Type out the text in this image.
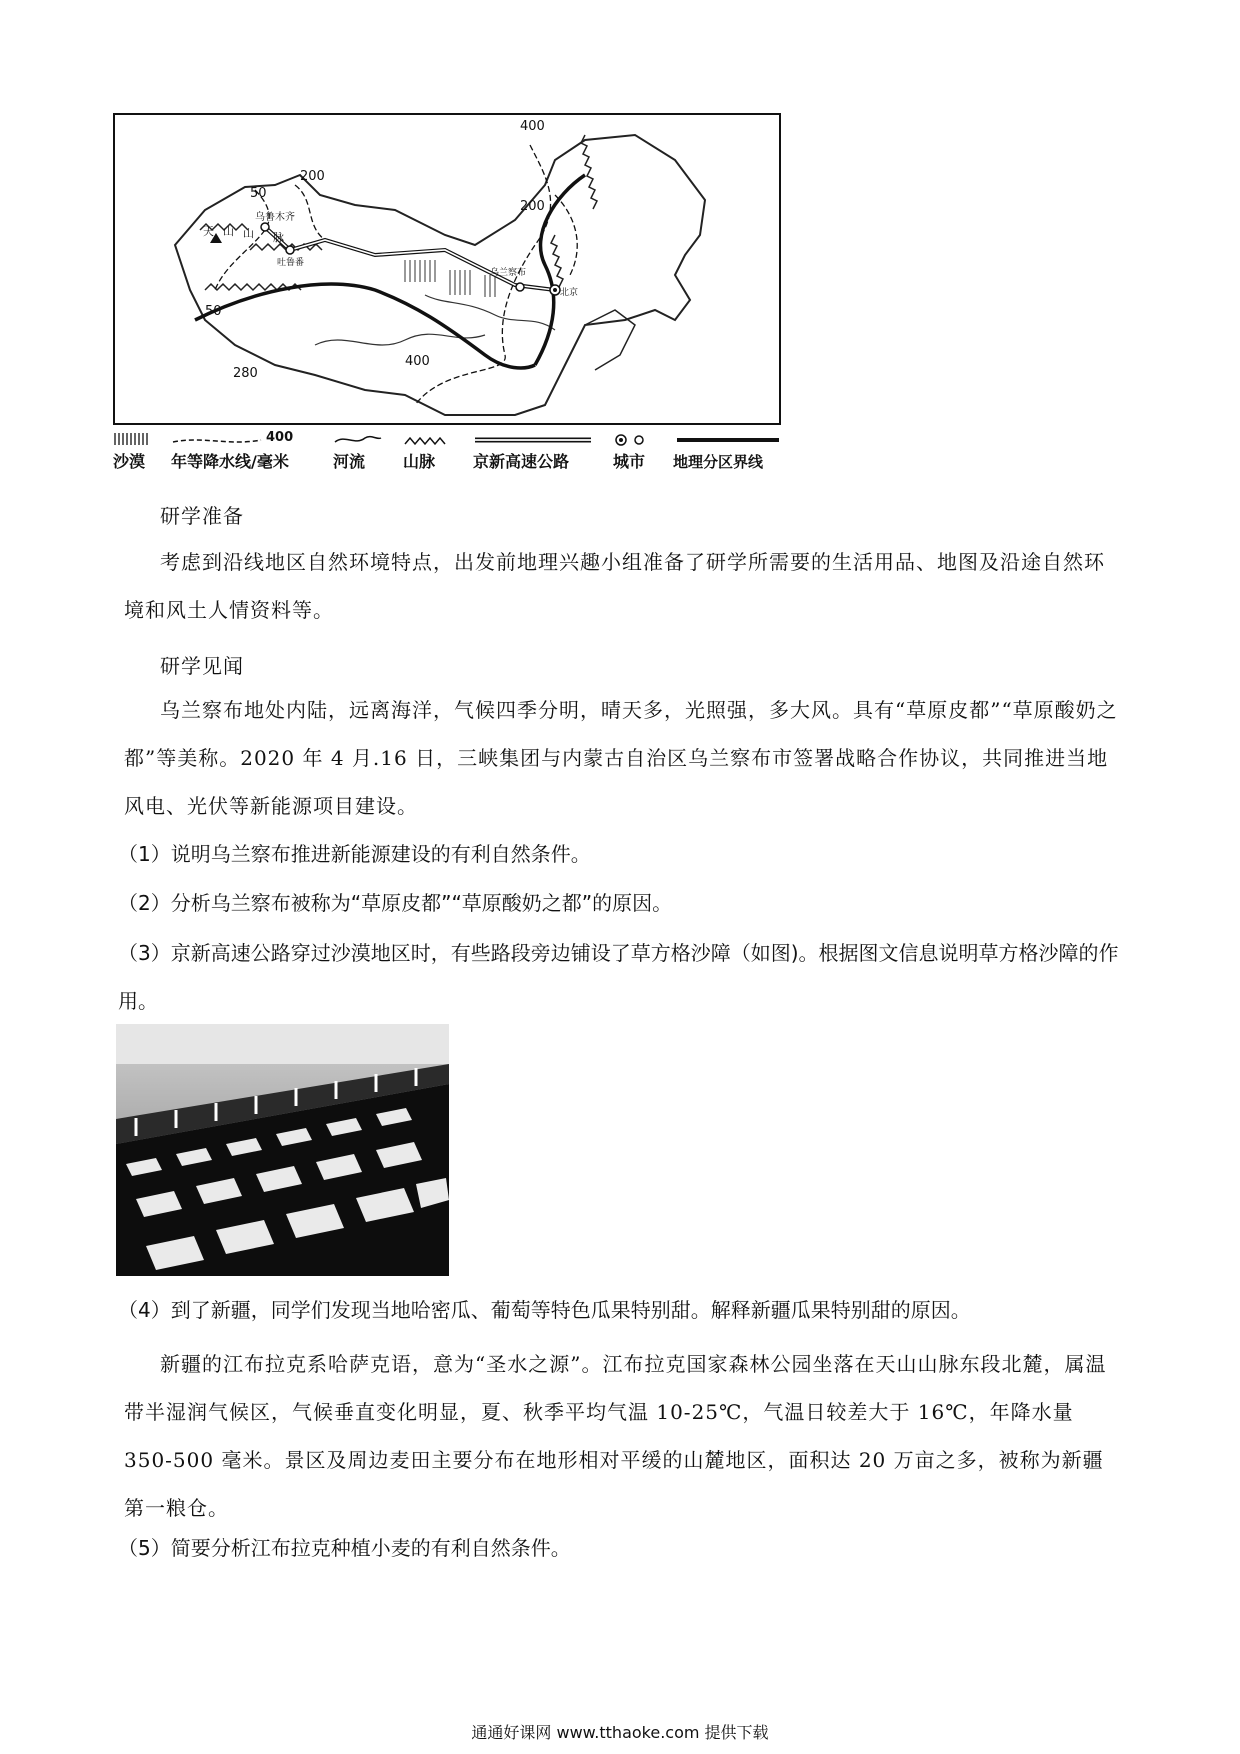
400
200
50
200
50
400
280
乌鲁木齐
吐鲁番
乌兰察布
北京
天 山 山 脉
沙漠
400
年等降水线/毫米	河流 山脉 京新高速公路	城市 地理分区界线
研学准备

考虑到沿线地区自然环境特点，出发前地理兴趣小组准备了研学所需要的生活用品、地图及沿途自然环境和风土人情资料等。

研学见闻

乌兰察布地处内陆，远离海洋，气候四季分明，晴天多，光照强，多大风。具有“草原皮都”“草原酸奶之都”等美称。2020 年 4 月.16 日，三峡集团与内蒙古自治区乌兰察布市签署战略合作协议，共同推进当地风电、光伏等新能源项目建设。

（1）说明乌兰察布推进新能源建设的有利自然条件。

（2）分析乌兰察布被称为“草原皮都”“草原酸奶之都”的原因。

（3）京新高速公路穿过沙漠地区时，有些路段旁边铺设了草方格沙障（如图)。根据图文信息说明草方格沙障的作用。

（4）到了新疆，同学们发现当地哈密瓜、葡萄等特色瓜果特别甜。解释新疆瓜果特别甜的原因。

新疆的江布拉克系哈萨克语，意为“圣水之源”。江布拉克国家森林公园坐落在天山山脉东段北麓，属温带半湿润气候区，气候垂直变化明显，夏、秋季平均气温 10-25℃，气温日较差大于 16℃，年降水量 350-500 毫米。景区及周边麦田主要分布在地形相对平缓的山麓地区，面积达 20 万亩之多，被称为新疆第一粮仓。

（5）简要分析江布拉克种植小麦的有利自然条件。

通通好课网 www.tthaoke.com 提供下载
